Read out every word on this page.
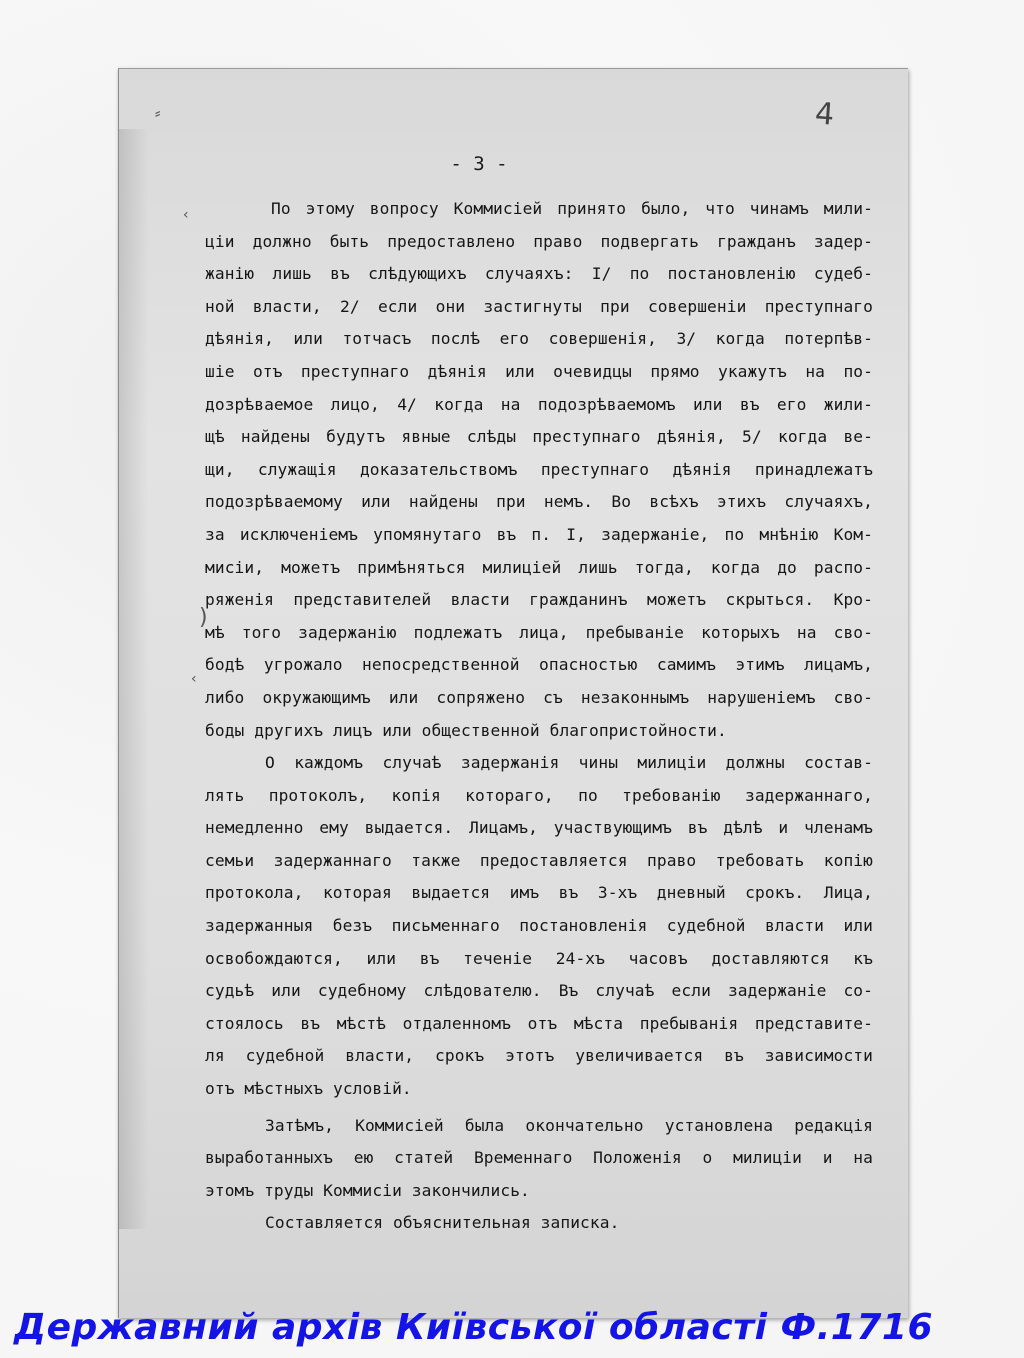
4
- 3 -
⸗
‹
)
‹
По этому вопросу Коммисiей принято было, что чинамъ мили-
цiи должно быть предоставлено право подвергать гражданъ задер-
жанiю лишь въ слѣдующихъ случаяхъ: I/ по постановленiю судеб-
ной власти, 2/ если они застигнуты при совершенiи преступнаго
дѣянiя, или тотчасъ послѣ его совершенiя, 3/ когда потерпѣв-
шiе отъ преступнаго дѣянiя или очевидцы прямо укажутъ на по-
дозрѣваемое лицо, 4/ когда на подозрѣваемомъ или въ его жили-
щѣ найдены будутъ явные слѣды преступнаго дѣянiя, 5/ когда ве-
щи, служащiя доказательствомъ преступнаго дѣянiя принадлежатъ
подозрѣваемому или найдены при немъ. Во всѣхъ этихъ случаяхъ,
за исключенiемъ упомянутаго въ п. I, задержанiе, по мнѣнiю Ком-
мисiи, можетъ примѣняться милицiей лишь тогда, когда до распо-
ряженiя представителей власти гражданинъ можетъ скрыться. Кро-
мѣ того задержанiю подлежатъ лица, пребыванiе которыхъ на сво-
бодѣ угрожало непосредственной опасностью самимъ этимъ лицамъ,
либо окружающимъ или сопряжено съ незаконнымъ нарушенiемъ сво-
боды другихъ лицъ или общественной благопристойности.
О каждомъ случаѣ задержанiя чины милицiи должны состав-
лять протоколъ, копiя котораго, по требованiю задержаннаго,
немедленно ему выдается. Лицамъ, участвующимъ въ дѣлѣ и членамъ
семьи задержаннаго также предоставляется право требовать копiю
протокола, которая выдается имъ въ 3-хъ дневный срокъ. Лица,
задержанныя безъ письменнаго постановленiя судебной власти или
освобождаются, или въ теченiе 24-хъ часовъ доставляются къ
судьѣ или судебному слѣдователю. Въ случаѣ если задержанiе со-
стоялось въ мѣстѣ отдаленномъ отъ мѣста пребыванiя представите-
ля судебной власти, срокъ этотъ увеличивается въ зависимости
отъ мѣстныхъ условiй.
Затѣмъ, Коммисiей была окончательно установлена редакцiя
выработанныхъ ею статей Временнаго Положенiя о милицiи и на
этомъ труды Коммисiи закончились.
Составляется объяснительная записка.
Державний архів Київської області Ф.1716
